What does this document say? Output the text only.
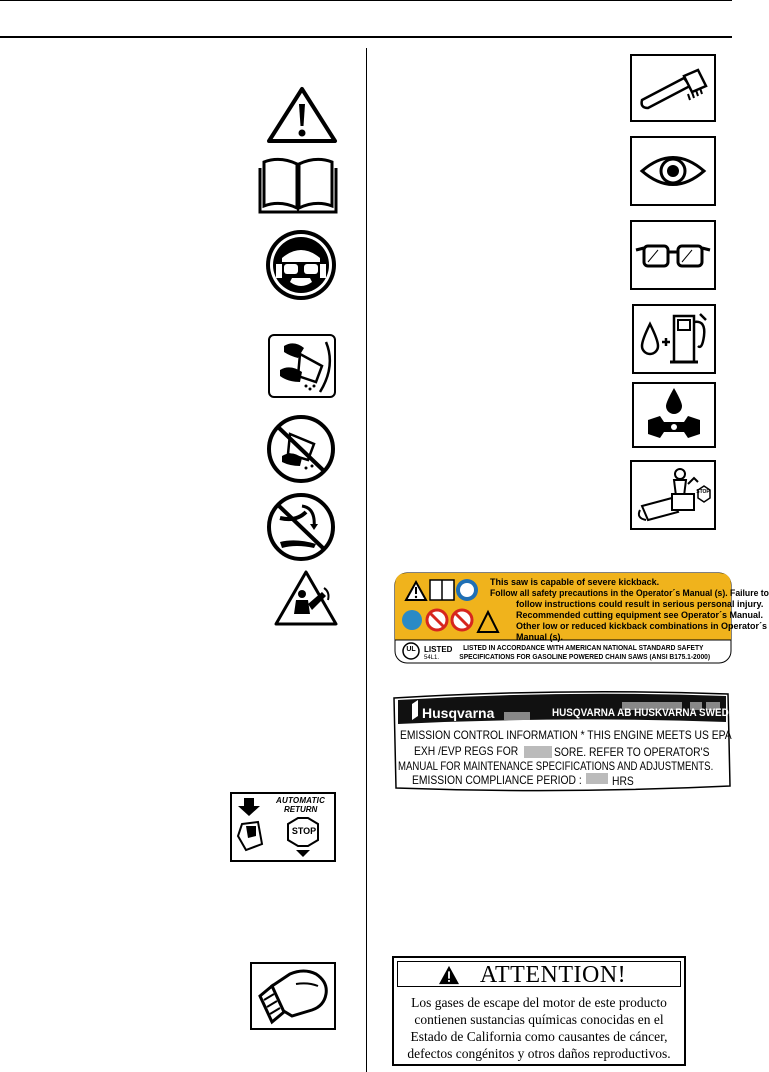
AUTOMATIC
RETURN
STOP
STOP
UL LISTED
54L1.
This saw is capable of severe kickback.
Follow all safety precautions in the Operator´s Manual (s). Failure to
follow instructions could result in serious personal injury.
Recommended cutting equipment see Operator´s Manual.
Other low or reduced kickback combinations in Operator´s
Manual (s).
LISTED IN ACCORDANCE WITH AMERICAN NATIONAL STANDARD SAFETY
SPECIFICATIONS FOR GASOLINE POWERED CHAIN SAWS (ANSI B175.1-2000)
Husqvarna	HUSQVARNA AB HUSKVARNA SWEDEN
EMISSION CONTROL INFORMATION * THIS ENGINE MEETS US EPA
EXH /EVP REGS FOR	SORE. REFER TO OPERATOR'S
MANUAL FOR MAINTENANCE SPECIFICATIONS AND ADJUSTMENTS.
EMISSION COMPLIANCE PERIOD :	HRS
ATTENTION!
Los gases de escape del motor de este producto
contienen sustancias químicas conocidas en el
Estado de California como causantes de cáncer,
defectos congénitos y otros daños reproductivos.
